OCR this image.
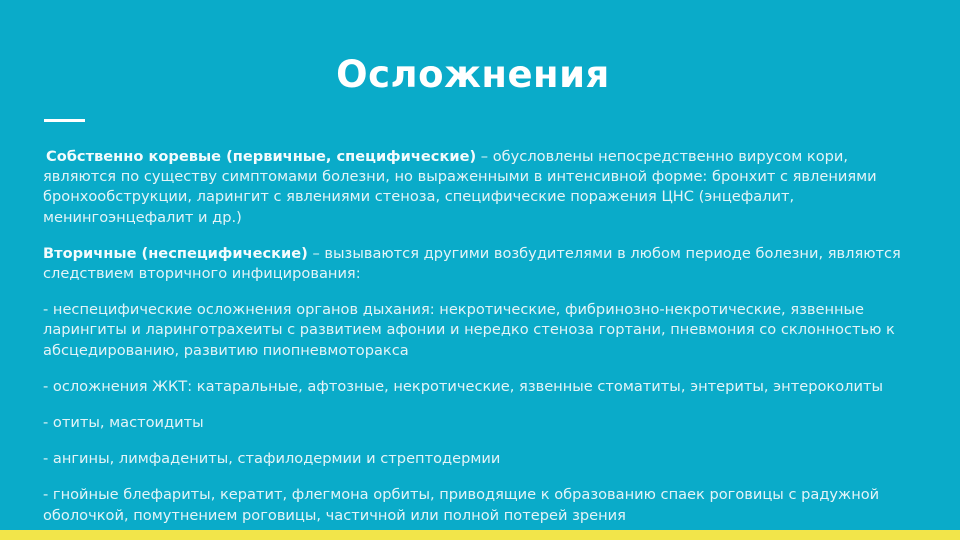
Осложнения

Собственно коревые (первичные, специфические) – обусловлены непосредственно вирусом кори, являются по существу симптомами болезни, но выраженными в интенсивной форме: бронхит с явлениями бронхообструкции, ларингит с явлениями стеноза, специфические поражения ЦНС (энцефалит, менингоэнцефалит и др.)

Вторичные (неспецифические) – вызываются другими возбудителями в любом периоде болезни, являются следствием вторичного инфицирования:

- неспецифические осложнения органов дыхания: некротические, фибринозно-некротические, язвенные ларингиты и ларинготрахеиты с развитием афонии и нередко стеноза гортани, пневмония со склонностью к абсцедированию, развитию пиопневмоторакса

- осложнения ЖКТ: катаральные, афтозные, некротические, язвенные стоматиты, энтериты, энтероколиты

- отиты, мастоидиты

- ангины, лимфадениты, стафилодермии и стрептодермии

- гнойные блефариты, кератит, флегмона орбиты, приводящие к образованию спаек роговицы с радужной оболочкой, помутнением роговицы, частичной или полной потерей зрения
